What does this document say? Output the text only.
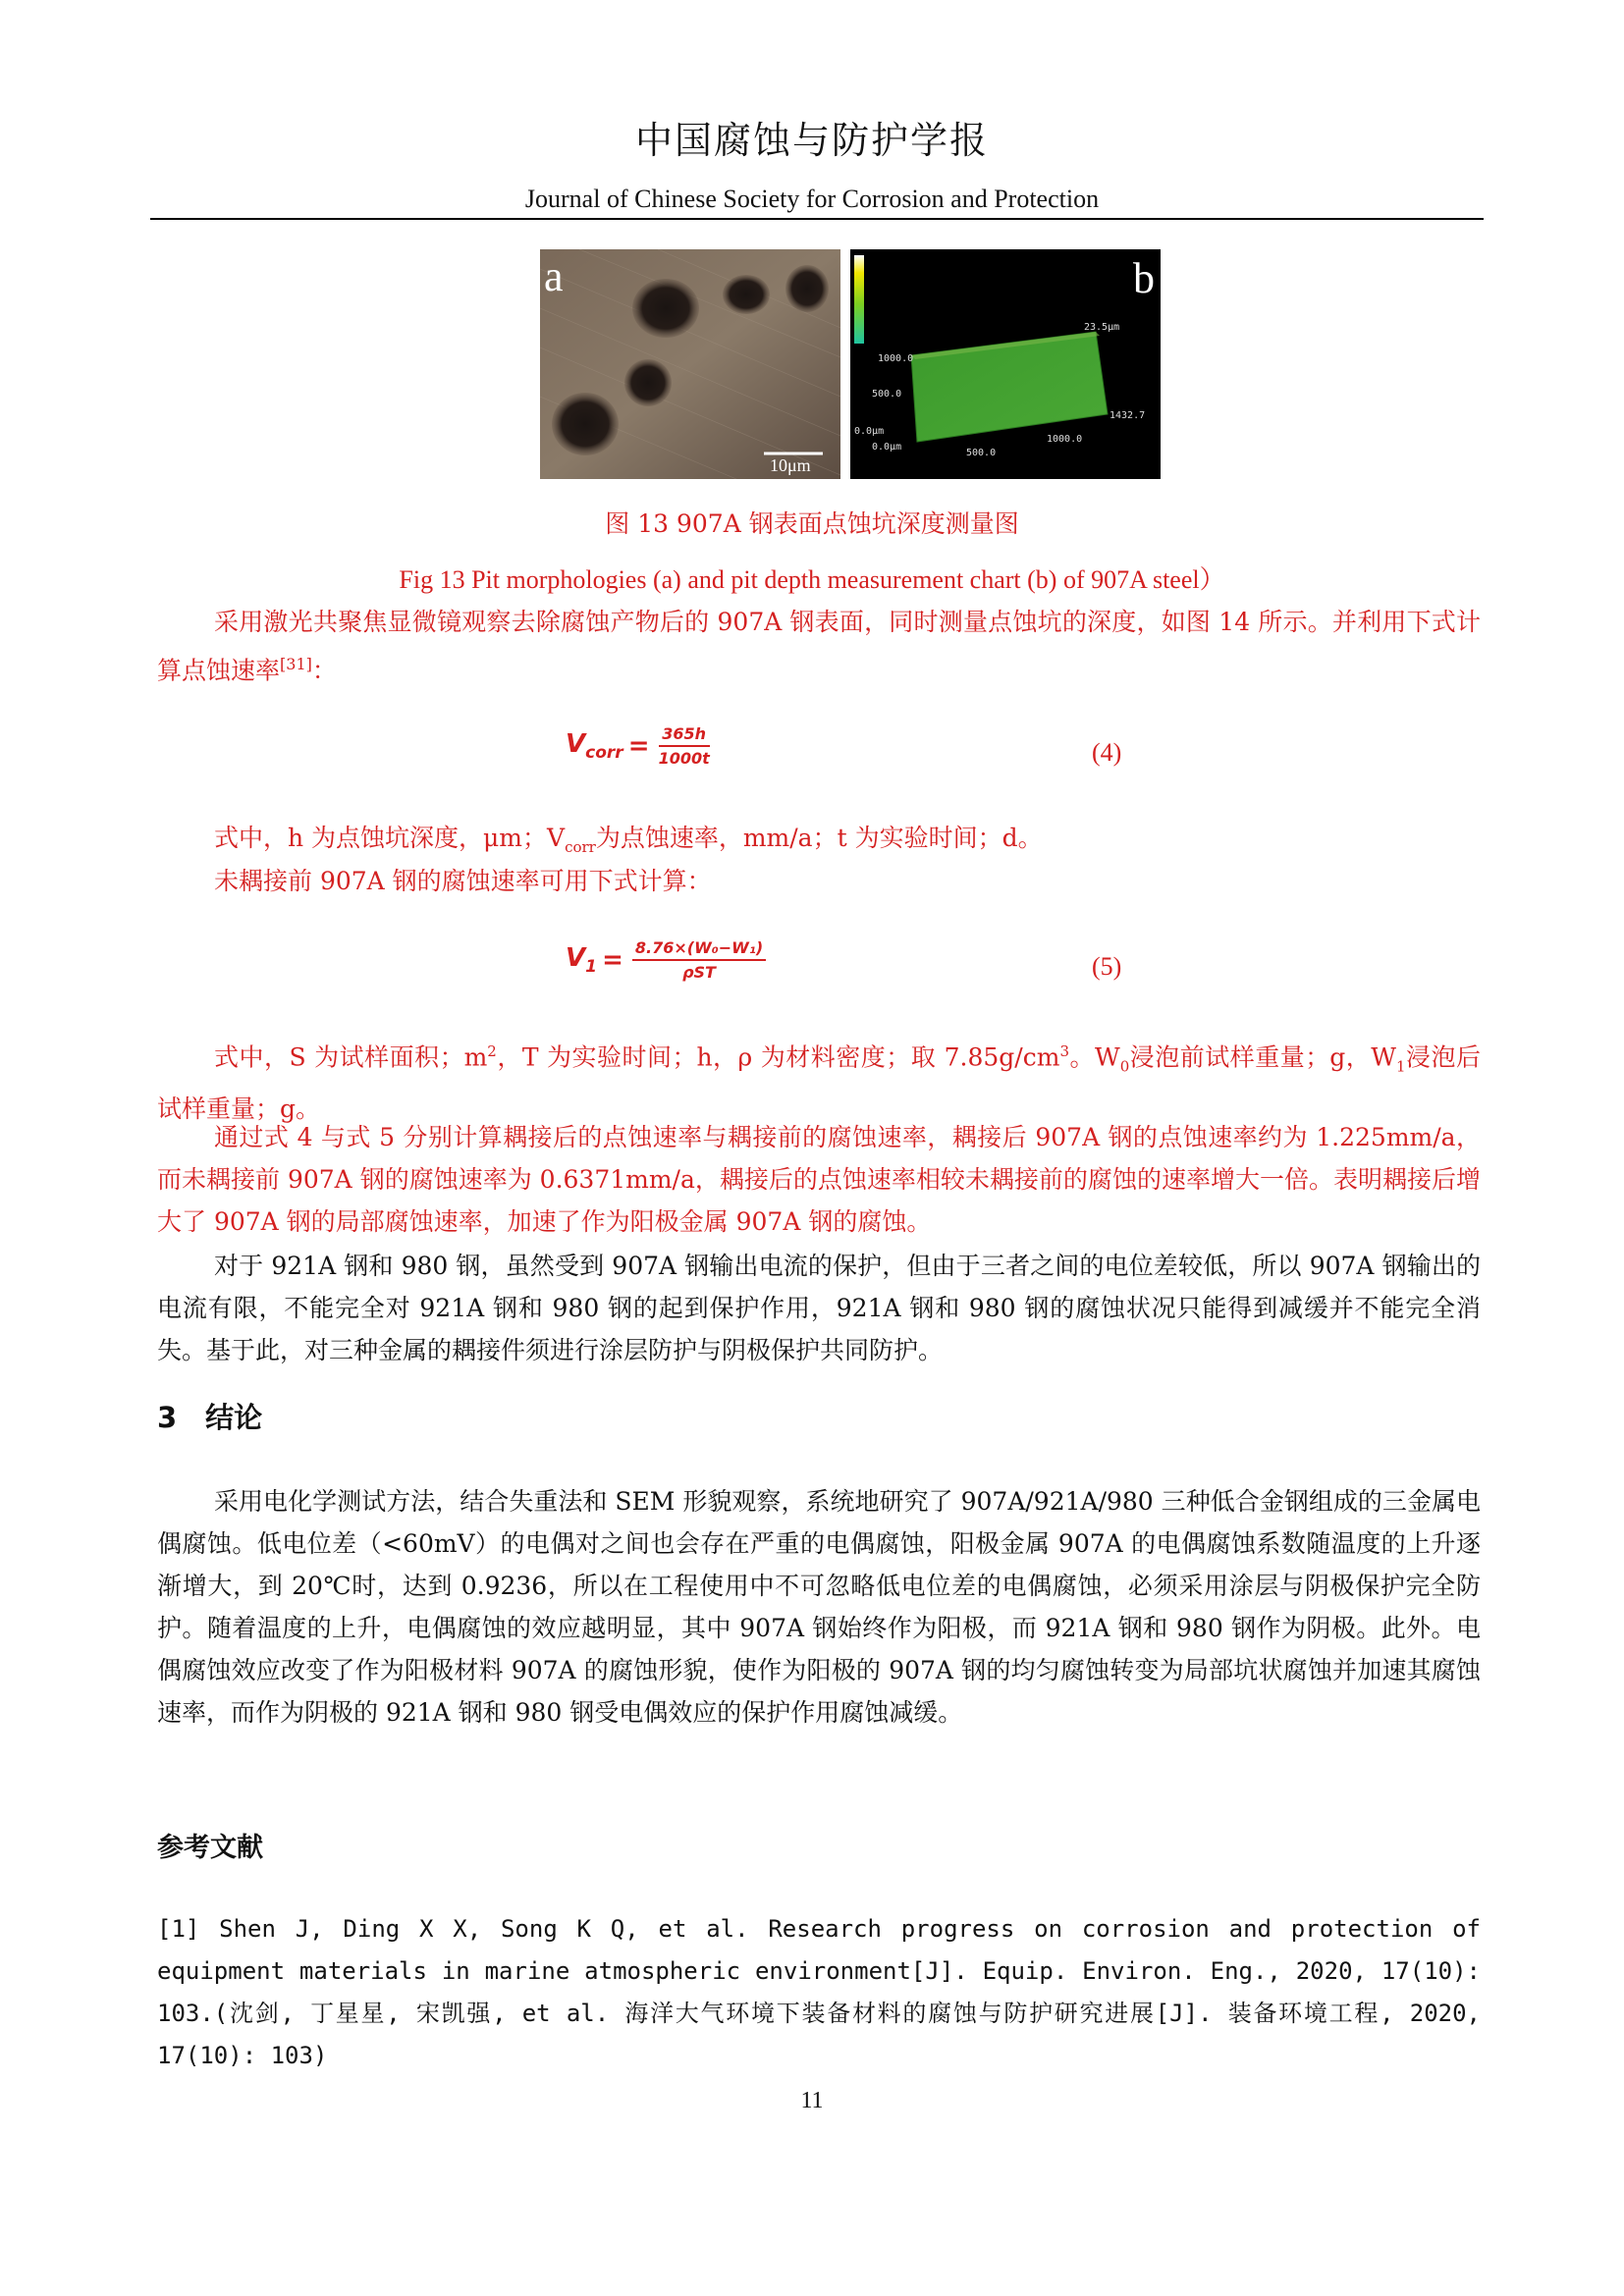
中国腐蚀与防护学报
Journal of Chinese Society for Corrosion and Protection
10μm
a
1000.0
500.0
0.0μm
0.0μm
500.0
1000.0
1432.7
23.5μm
b
图 13 907A 钢表面点蚀坑深度测量图
Fig 13 Pit morphologies (a) and pit depth measurement chart (b) of 907A steel）
采用激光共聚焦显微镜观察去除腐蚀产物后的 907A 钢表面，同时测量点蚀坑的深度，如图 14 所示。并利用下式计算点蚀速率[31]：
$V_{corr} = \frac{365h}{1000t}$	(4)
式中，h 为点蚀坑深度，μm；$V_{corr}$为点蚀速率，mm/a；t 为实验时间；d。
未耦接前 907A 钢的腐蚀速率可用下式计算：
$V_1 = \frac{\text{8.76×(W₀−W₁)}}{\text{ρST}}$	(5)
式中，S 为试样面积；$m^2$，T 为实验时间；h，ρ 为材料密度；取 $7.85g/cm^3$。$W_0$浸泡前试样重量；g，$W_1$浸泡后试样重量；g。
通过式 4 与式 5 分别计算耦接后的点蚀速率与耦接前的腐蚀速率，耦接后 907A 钢的点蚀速率约为 1.225mm/a，而未耦接前 907A 钢的腐蚀速率为 0.6371mm/a，耦接后的点蚀速率相较未耦接前的腐蚀的速率增大一倍。表明耦接后增大了 907A 钢的局部腐蚀速率，加速了作为阳极金属 907A 钢的腐蚀。
对于 921A 钢和 980 钢，虽然受到 907A 钢输出电流的保护，但由于三者之间的电位差较低，所以 907A 钢输出的电流有限，不能完全对 921A 钢和 980 钢的起到保护作用，921A 钢和 980 钢的腐蚀状况只能得到减缓并不能完全消失。基于此，对三种金属的耦接件须进行涂层防护与阴极保护共同防护。
3　结论
采用电化学测试方法，结合失重法和 SEM 形貌观察，系统地研究了 907A/921A/980 三种低合金钢组成的三金属电偶腐蚀。低电位差（<60mV）的电偶对之间也会存在严重的电偶腐蚀，阳极金属 907A 的电偶腐蚀系数随温度的上升逐渐增大，到 20℃时，达到 0.9236，所以在工程使用中不可忽略低电位差的电偶腐蚀，必须采用涂层与阴极保护完全防护。随着温度的上升，电偶腐蚀的效应越明显，其中 907A 钢始终作为阳极，而 921A 钢和 980 钢作为阴极。此外。电偶腐蚀效应改变了作为阳极材料 907A 的腐蚀形貌，使作为阳极的 907A 钢的均匀腐蚀转变为局部坑状腐蚀并加速其腐蚀速率，而作为阴极的 921A 钢和 980 钢受电偶效应的保护作用腐蚀减缓。
参考文献
[1] Shen J, Ding X X, Song K Q, et al. Research progress on corrosion and protection of equipment materials in marine atmospheric environment[J]. Equip. Environ. Eng., 2020, 17(10): 103.(沈剑, 丁星星, 宋凯强, et al. 海洋大气环境下装备材料的腐蚀与防护研究进展[J]. 装备环境工程, 2020, 17(10): 103)
11
